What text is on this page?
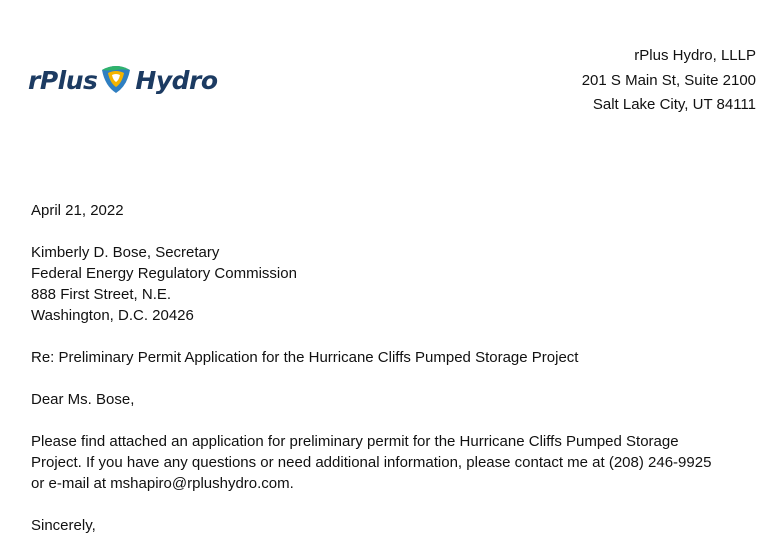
rPlus Hydro
rPlus Hydro, LLLP
201 S Main St, Suite 2100
Salt Lake City, UT 84111

April 21, 2022

Kimberly D. Bose, Secretary

Federal Energy Regulatory Commission

888 First Street, N.E.

Washington, D.C. 20426

Re: Preliminary Permit Application for the Hurricane Cliffs Pumped Storage Project

Dear Ms. Bose,

Please find attached an application for preliminary permit for the Hurricane Cliffs Pumped Storage

Project. If you have any questions or need additional information, please contact me at (208) 246-9925

or e-mail at mshapiro@rplushydro.com.

Sincerely,
